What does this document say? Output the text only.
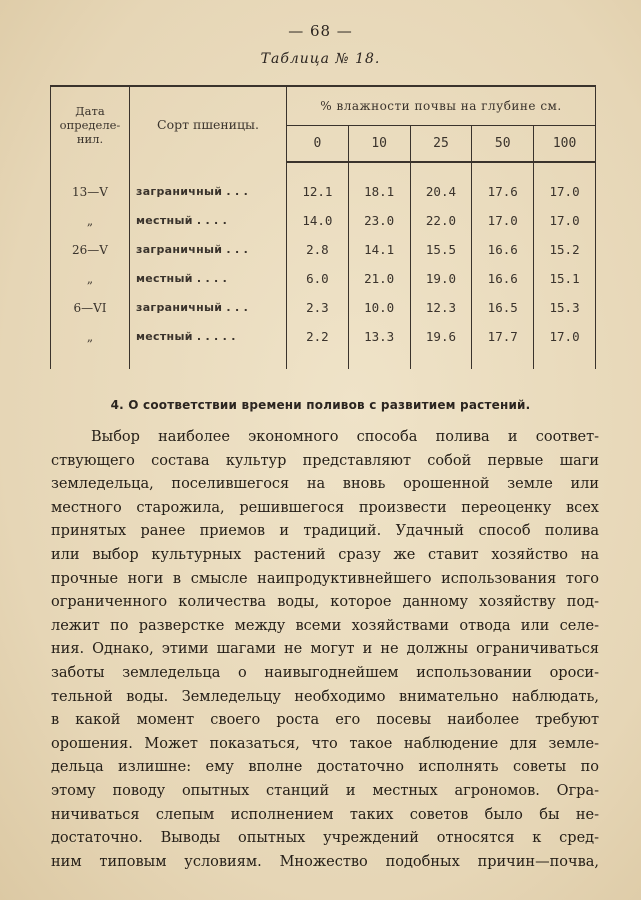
— 68 —
Таблица № 18.
Дата
определе-
нил.	Сорт пшеницы.	% влажности почвы на глубине см.				
		0	10	25	50	100

13—V	заграничный . . .	12.1	18.1	20.4	17.6	17.0
„	местный . . . .	14.0	23.0	22.0	17.0	17.0
26—V	заграничный . . .	2.8	14.1	15.5	16.6	15.2
„	местный . . . .	6.0	21.0	19.0	16.6	15.1
6—VI	заграничный . . .	2.3	10.0	12.3	16.5	15.3
„	местный . . . . .	2.2	13.3	19.6	17.7	17.0

4. О соответствии времени поливов с развитием растений.
Выбор наиболее экономного способа полива и соответ-
ствующего состава культур представляют собой первые шаги
земледельца, поселившегося на вновь орошенной земле или
местного старожила, решившегося произвести переоценку всех
принятых ранее приемов и традиций. Удачный способ полива
или выбор культурных растений сразу же ставит хозяйство на
прочные ноги в смысле наипродуктивнейшего использования того
ограниченного количества воды, которое данному хозяйству под-
лежит по разверстке между всеми хозяйствами отвода или селе-
ния. Однако, этими шагами не могут и не должны ограничиваться
заботы земледельца о наивыгоднейшем использовании ороси-
тельной воды. Земледельцу необходимо внимательно наблюдать,
в какой момент своего роста его посевы наиболее требуют
орошения. Может показаться, что такое наблюдение для земле-
дельца излишне: ему вполне достаточно исполнять советы по
этому поводу опытных станций и местных агрономов. Огра-
ничиваться слепым исполнением таких советов было бы не-
достаточно. Выводы опытных учреждений относятся к сред-
ним типовым условиям. Множество подобных причин—почва,
